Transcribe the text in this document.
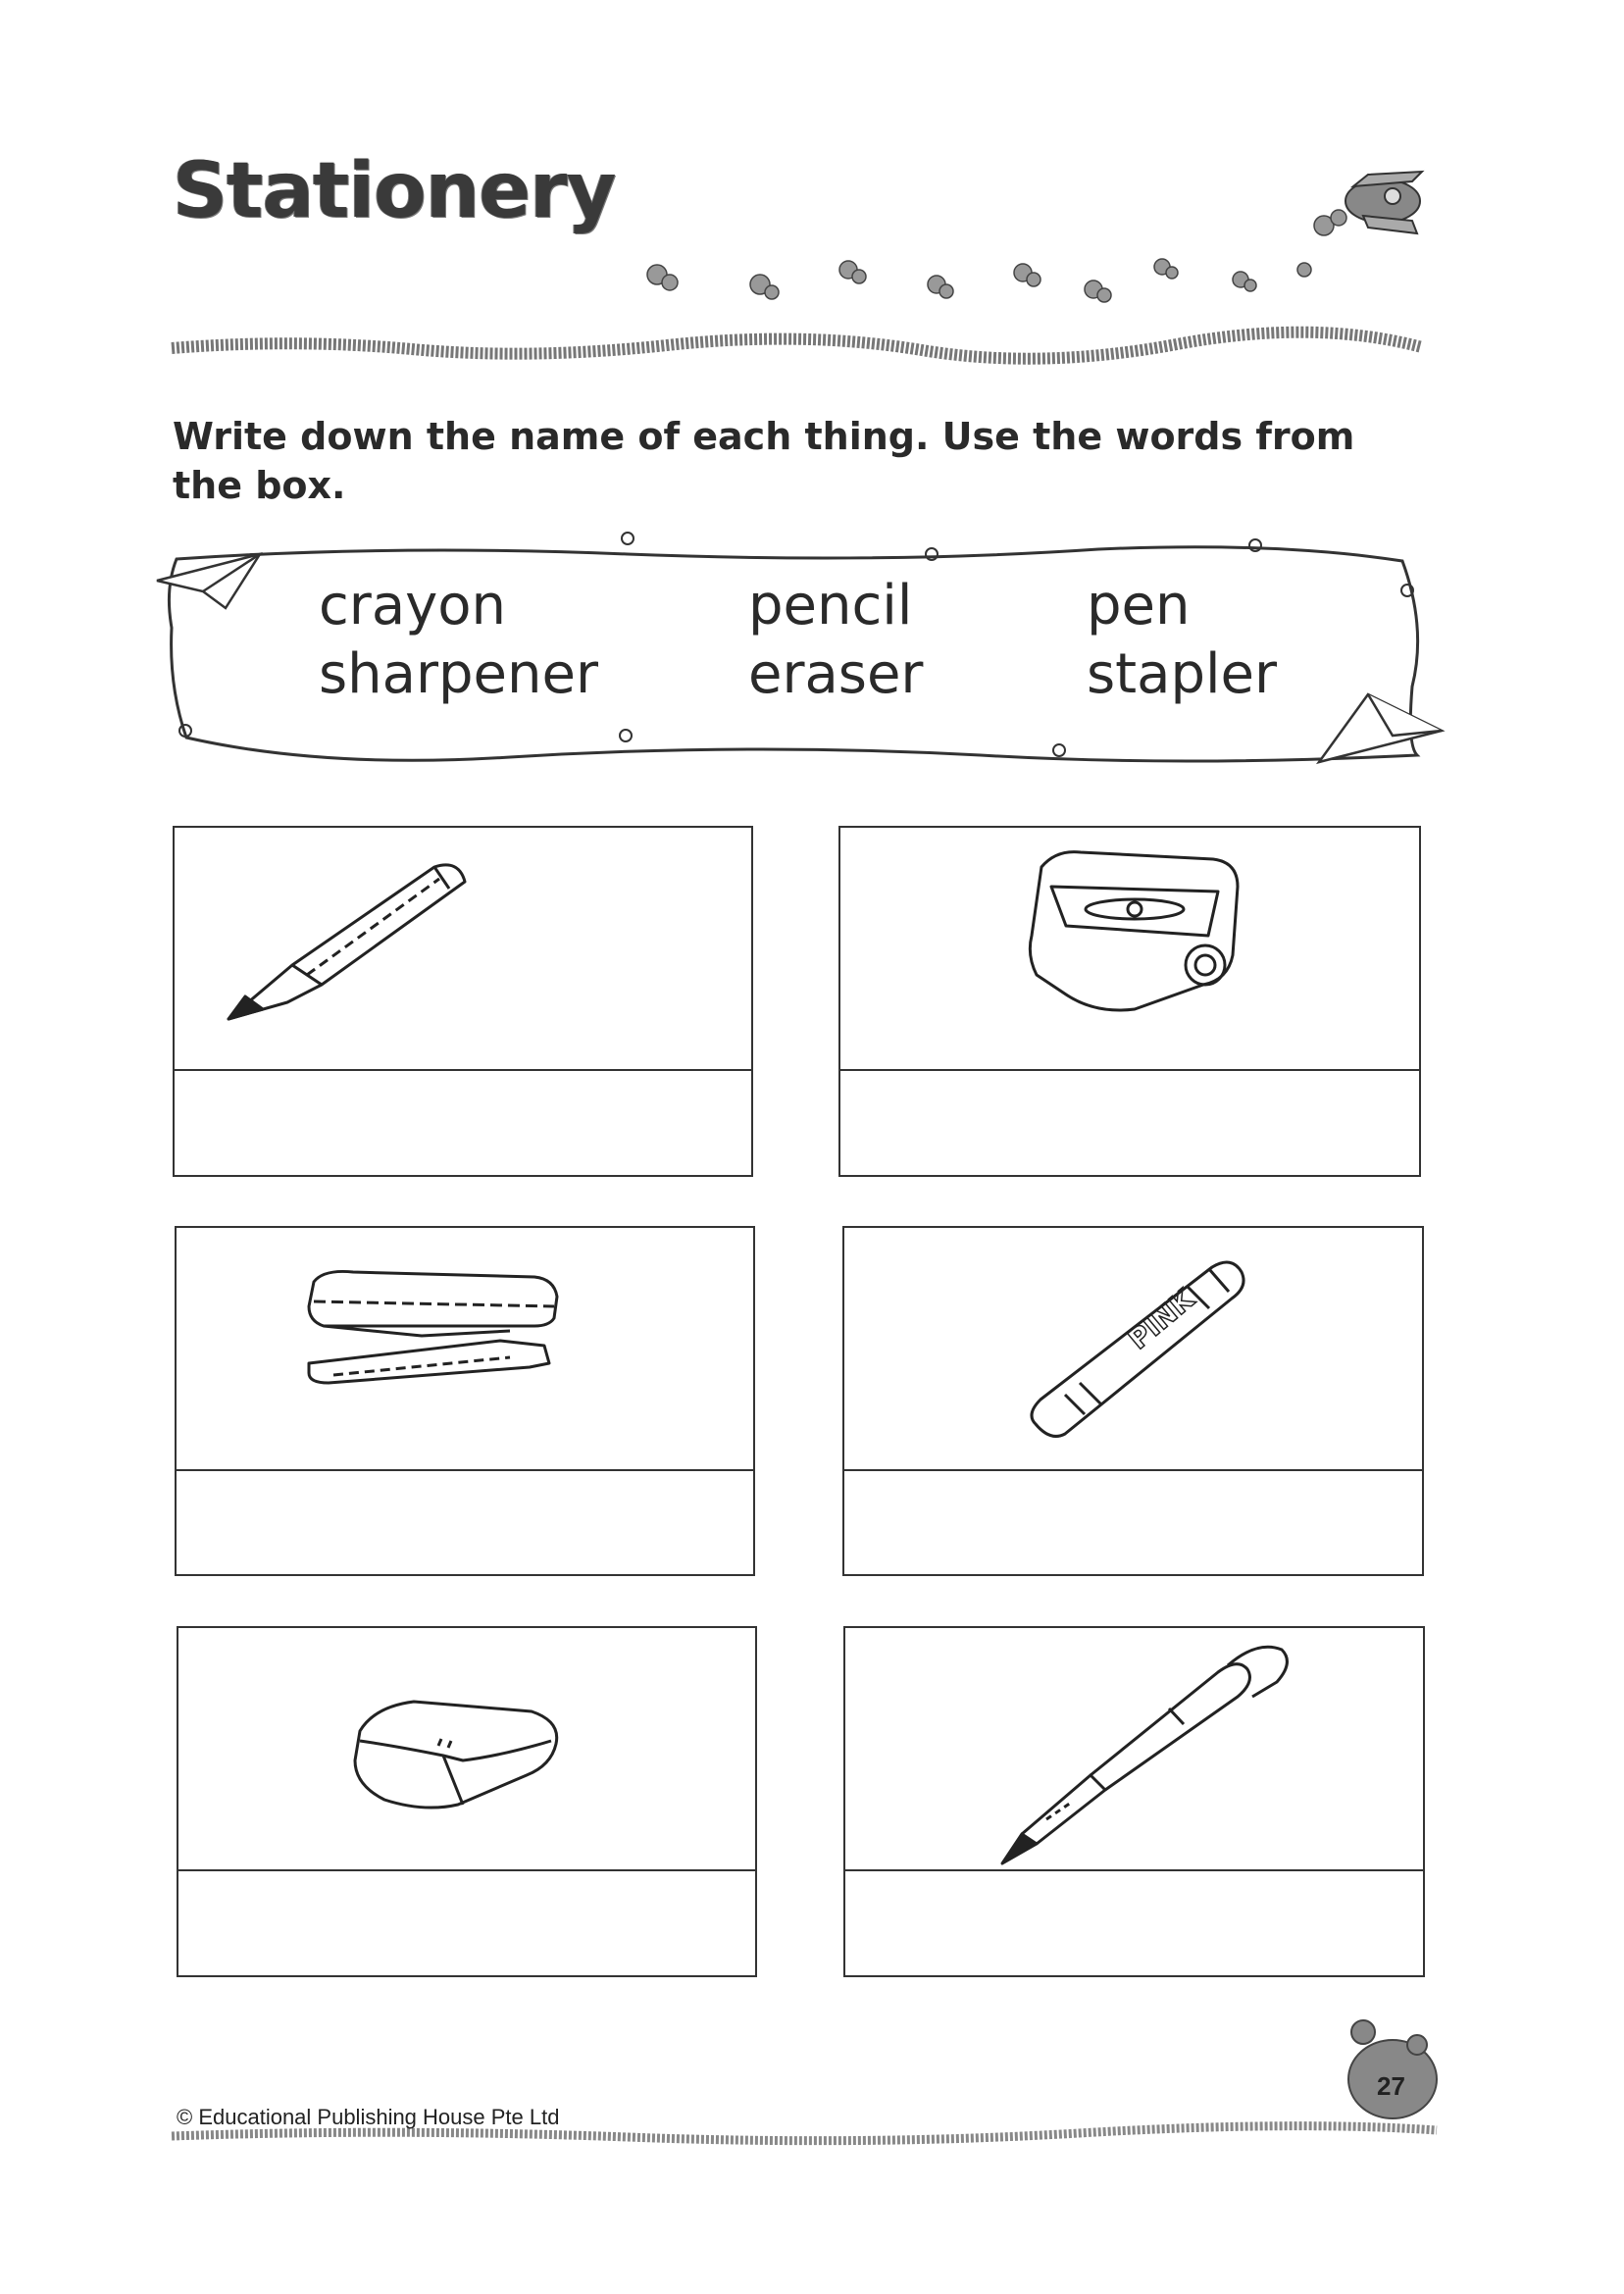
Stationery
Write down the name of each thing. Use the words from the box.
crayon	pencil	pen
sharpener	eraser	stapler
PINK
© Educational Publishing House Pte Ltd
27
